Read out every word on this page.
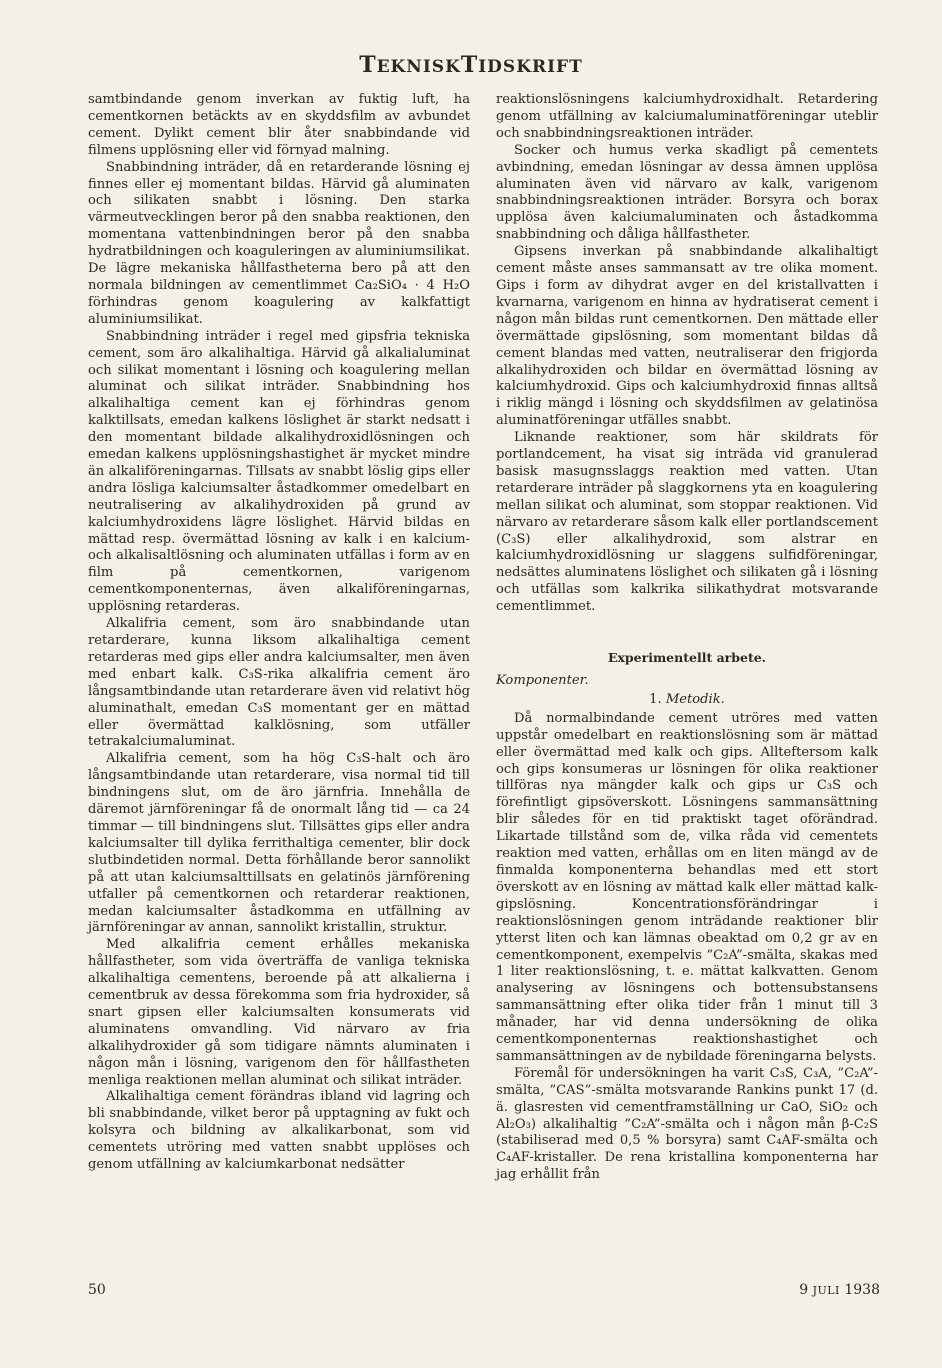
TEKNISKTIDSKRIFT

samtbindande genom inverkan av fuktig luft, ha cementkornen betäckts av en skyddsfilm av avbundet cement. Dylikt cement blir åter snabbindande vid filmens upplösning eller vid förnyad malning.

Snabbindning inträder, då en retarderande lösning ej finnes eller ej momentant bildas. Härvid gå aluminaten och silikaten snabbt i lösning. Den starka värmeutvecklingen beror på den snabba reaktionen, den momentana vattenbindningen beror på den snabba hydratbildningen och koaguleringen av aluminiumsilikat. De lägre mekaniska hållfastheterna bero på att den normala bildningen av cementlimmet Ca₂SiO₄ · 4 H₂O förhindras genom koagulering av kalkfattigt aluminiumsilikat.

Snabbindning inträder i regel med gipsfria tekniska cement, som äro alkalihaltiga. Härvid gå alkalialuminat och silikat momentant i lösning och koagulering mellan aluminat och silikat inträder. Snabbindning hos alkalihaltiga cement kan ej förhindras genom kalktillsats, emedan kalkens löslighet är starkt nedsatt i den momentant bildade alkalihydroxidlösningen och emedan kalkens upplösningshastighet är mycket mindre än alkaliföreningarnas. Tillsats av snabbt löslig gips eller andra lösliga kalciumsalter åstadkommer omedelbart en neutralisering av alkalihydroxiden på grund av kalciumhydroxidens lägre löslighet. Härvid bildas en mättad resp. övermättad lösning av kalk i en kalcium- och alkalisaltlösning och aluminaten utfällas i form av en film på cementkornen, varigenom cementkomponenternas, även alkaliföreningarnas, upplösning retarderas.

Alkalifria cement, som äro snabbindande utan retarderare, kunna liksom alkalihaltiga cement retarderas med gips eller andra kalciumsalter, men även med enbart kalk. C₃S-rika alkalifria cement äro långsamtbindande utan retarderare även vid relativt hög aluminathalt, emedan C₃S momentant ger en mättad eller övermättad kalklösning, som utfäller tetrakalciumaluminat.

Alkalifria cement, som ha hög C₃S-halt och äro långsamtbindande utan retarderare, visa normal tid till bindningens slut, om de äro järnfria. Innehålla de däremot järnföreningar få de onormalt lång tid — ca 24 timmar — till bindningens slut. Tillsättes gips eller andra kalciumsalter till dylika ferrithaltiga cementer, blir dock slutbindetiden normal. Detta förhållande beror sannolikt på att utan kalciumsalttillsats en gelatinös järnförening utfaller på cementkornen och retarderar reaktionen, medan kalciumsalter åstadkomma en utfällning av järnföreningar av annan, sannolikt kristallin, struktur.

Med alkalifria cement erhålles mekaniska hållfastheter, som vida överträffa de vanliga tekniska alkalihaltiga cementens, beroende på att alkalierna i cementbruk av dessa förekomma som fria hydroxider, så snart gipsen eller kalciumsalten konsumerats vid aluminatens omvandling. Vid närvaro av fria alkalihydroxider gå som tidigare nämnts aluminaten i någon mån i lösning, varigenom den för hållfastheten menliga reaktionen mellan aluminat och silikat inträder.

Alkalihaltiga cement förändras ibland vid lagring och bli snabbindande, vilket beror på upptagning av fukt och kolsyra och bildning av alkalikarbonat, som vid cementets utröring med vatten snabbt upplöses och genom utfällning av kalciumkarbonat nedsätter

reaktionslösningens kalciumhydroxidhalt. Retardering genom utfällning av kalciumaluminatföreningar uteblir och snabbindningsreaktionen inträder.

Socker och humus verka skadligt på cementets avbindning, emedan lösningar av dessa ämnen upplösa aluminaten även vid närvaro av kalk, varigenom snabbindningsreaktionen inträder. Borsyra och borax upplösa även kalciumaluminaten och åstadkomma snabbindning och dåliga hållfastheter.

Gipsens inverkan på snabbindande alkalihaltigt cement måste anses sammansatt av tre olika moment. Gips i form av dihydrat avger en del kristallvatten i kvarnarna, varigenom en hinna av hydratiserat cement i någon mån bildas runt cementkornen. Den mättade eller övermättade gipslösning, som momentant bildas då cement blandas med vatten, neutraliserar den frigjorda alkalihydroxiden och bildar en övermättad lösning av kalciumhydroxid. Gips och kalciumhydroxid finnas alltså i riklig mängd i lösning och skyddsfilmen av gelatinösa aluminatföreningar utfälles snabbt.

Liknande reaktioner, som här skildrats för portlandcement, ha visat sig inträda vid granulerad basisk masugnsslaggs reaktion med vatten. Utan retarderare inträder på slaggkornens yta en koagulering mellan silikat och aluminat, som stoppar reaktionen. Vid närvaro av retarderare såsom kalk eller portlandscement (C₃S) eller alkalihydroxid, som alstrar en kalciumhydroxidlösning ur slaggens sulfidföreningar, nedsättes aluminatens löslighet och silikaten gå i lösning och utfällas som kalkrika silikathydrat motsvarande cementlimmet.

Experimentellt arbete.
Komponenter.
1. Metodik.

Då normalbindande cement utröres med vatten uppstår omedelbart en reaktionslösning som är mättad eller övermättad med kalk och gips. Allteftersom kalk och gips konsumeras ur lösningen för olika reaktioner tillföras nya mängder kalk och gips ur C₃S och förefintligt gipsöverskott. Lösningens sammansättning blir således för en tid praktiskt taget oförändrad. Likartade tillstånd som de, vilka råda vid cementets reaktion med vatten, erhållas om en liten mängd av de finmalda komponenterna behandlas med ett stort överskott av en lösning av mättad kalk eller mättad kalk-gipslösning. Koncentrationsförändringar i reaktionslösningen genom inträdande reaktioner blir ytterst liten och kan lämnas obeaktad om 0,2 gr av en cementkomponent, exempelvis ”C₂A”-smälta, skakas med 1 liter reaktionslösning, t. e. mättat kalkvatten. Genom analysering av lösningens och bottensubstansens sammansättning efter olika tider från 1 minut till 3 månader, har vid denna undersökning de olika cementkomponenternas reaktionshastighet och sammansättningen av de nybildade föreningarna belysts.

Föremål för undersökningen ha varit C₃S, C₃A, ”C₂A”-smälta, ”CAS”-smälta motsvarande Rankins punkt 17 (d. ä. glasresten vid cementframställning ur CaO, SiO₂ och Al₂O₃) alkalihaltig ”C₂A”-smälta och i någon mån β-C₂S (stabiliserad med 0,5 % borsyra) samt C₄AF-smälta och C₄AF-kristaller. De rena kristallina komponenterna har jag erhållit från

50	9 JULI 1938
